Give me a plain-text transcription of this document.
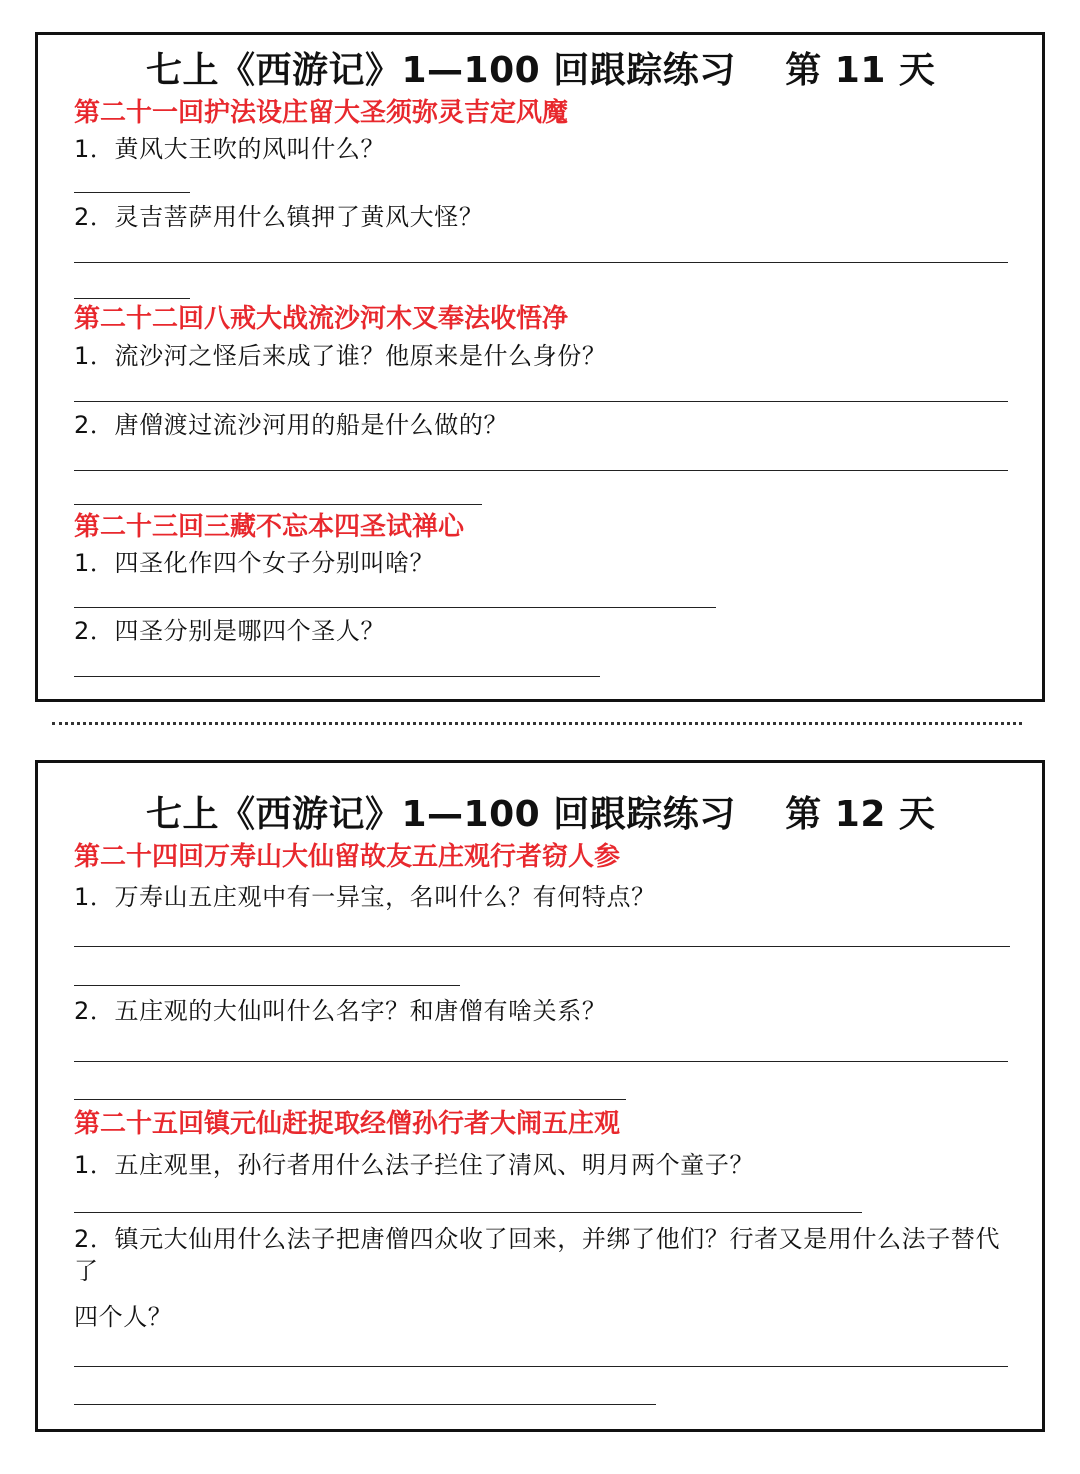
七上《西游记》1—100 回跟踪练习　 第 11 天
第二十一回护法设庄留大圣须弥灵吉定风魔
1．黄风大王吹的风叫什么？
2．灵吉菩萨用什么镇押了黄风大怪？
第二十二回八戒大战流沙河木叉奉法收悟净
1．流沙河之怪后来成了谁？他原来是什么身份？
2．唐僧渡过流沙河用的船是什么做的？
第二十三回三藏不忘本四圣试禅心
1．四圣化作四个女子分别叫啥？
2．四圣分别是哪四个圣人？
七上《西游记》1—100 回跟踪练习　 第 12 天
第二十四回万寿山大仙留故友五庄观行者窃人参
1．万寿山五庄观中有一异宝，名叫什么？有何特点？
2．五庄观的大仙叫什么名字？和唐僧有啥关系？
第二十五回镇元仙赶捉取经僧孙行者大闹五庄观
1．五庄观里，孙行者用什么法子拦住了清风、明月两个童子？
2．镇元大仙用什么法子把唐僧四众收了回来，并绑了他们？行者又是用什么法子替代了
四个人？
